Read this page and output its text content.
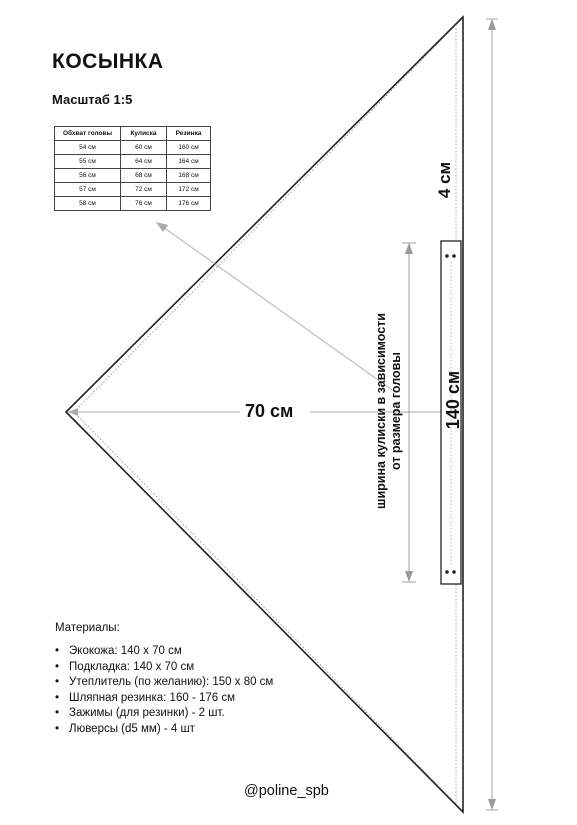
КОСЫНКА
Масштаб 1:5
Обхват головы	Кулиска	Резинка
54 см	60 см	160 см
55 см	64 см	164 см
56 см	68 см	168 см
57 см	72 см	172 см
58 см	76 см	176 см
70 см	140 см
4 см
ширина кулиски в зависимости от размера головы
Материалы:
• Экокожа: 140 х 70 см
• Подкладка: 140 х 70 см
• Утеплитель (по желанию): 150 х 80 см
• Шляпная резинка: 160 - 176 см
• Зажимы (для резинки) - 2 шт.
• Люверсы (d5 мм) - 4 шт
@poline_spb
